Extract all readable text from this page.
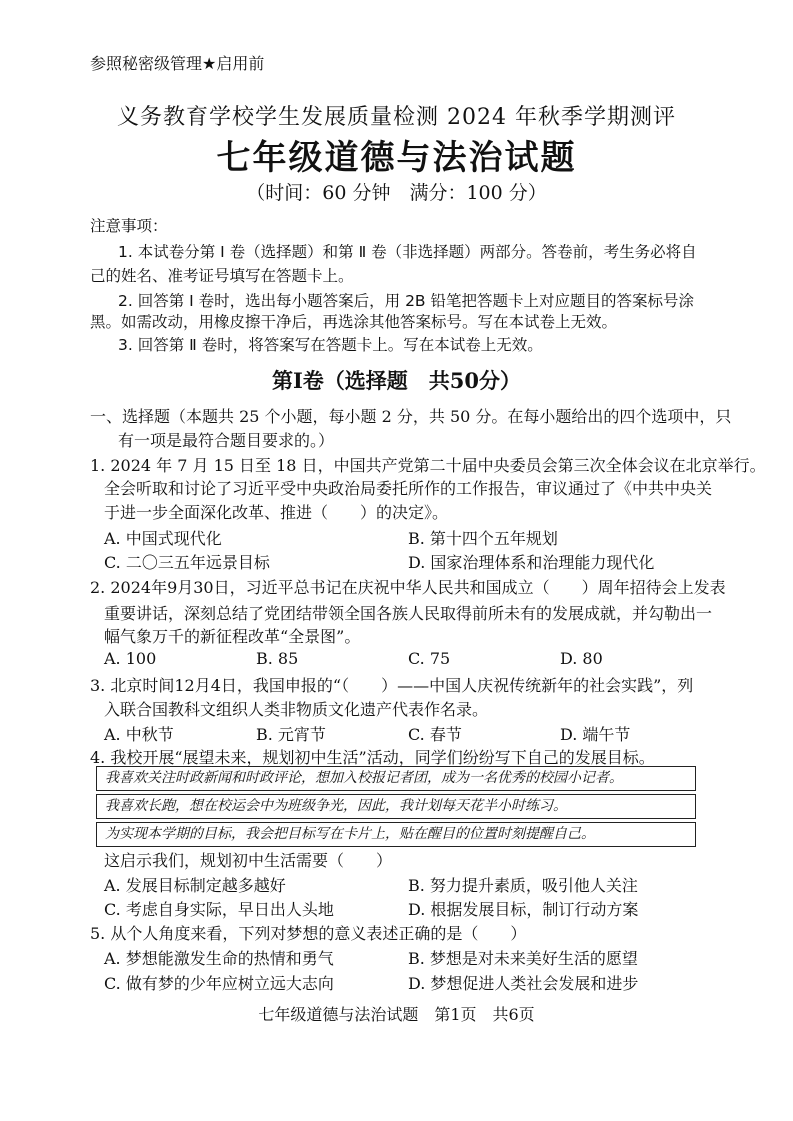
参照秘密级管理★启用前
义务教育学校学生发展质量检测 2024 年秋季学期测评
七年级道德与法治试题
（时间：60 分钟　满分：100 分）
注意事项：
1. 本试卷分第 Ⅰ 卷（选择题）和第 Ⅱ 卷（非选择题）两部分。答卷前，考生务必将自
己的姓名、准考证号填写在答题卡上。
2. 回答第 Ⅰ 卷时，选出每小题答案后，用 2B 铅笔把答题卡上对应题目的答案标号涂
黑。如需改动，用橡皮擦干净后，再选涂其他答案标号。写在本试卷上无效。
3. 回答第 Ⅱ 卷时，将答案写在答题卡上。写在本试卷上无效。
第Ⅰ卷（选择题　共50分）
一、选择题（本题共 25 个小题，每小题 2 分，共 50 分。在每小题给出的四个选项中，只
有一项是最符合题目要求的。）
1. 2024 年 7 月 15 日至 18 日，中国共产党第二十届中央委员会第三次全体会议在北京举行。
全会听取和讨论了习近平受中央政治局委托所作的工作报告，审议通过了《中共中央关
于进一步全面深化改革、推进（　　）的决定》。
A. 中国式现代化	B. 第十四个五年规划
C. 二〇三五年远景目标	D. 国家治理体系和治理能力现代化
2. 2024年9月30日，习近平总书记在庆祝中华人民共和国成立（　　）周年招待会上发表
重要讲话，深刻总结了党团结带领全国各族人民取得前所未有的发展成就，并勾勒出一
幅气象万千的新征程改革“全景图”。
A. 100	B. 85	C. 75	D. 80
3. 北京时间12月4日，我国申报的“（　　）——中国人庆祝传统新年的社会实践”，列
入联合国教科文组织人类非物质文化遗产代表作名录。
A. 中秋节	B. 元宵节	C. 春节	D. 端午节
4. 我校开展“展望未来，规划初中生活”活动，同学们纷纷写下自己的发展目标。
我喜欢关注时政新闻和时政评论，想加入校报记者团，成为一名优秀的校园小记者。
我喜欢长跑，想在校运会中为班级争光，因此，我计划每天花半小时练习。
为实现本学期的目标，我会把目标写在卡片上，贴在醒目的位置时刻提醒自己。
这启示我们，规划初中生活需要（　　）
A. 发展目标制定越多越好	B. 努力提升素质，吸引他人关注
C. 考虑自身实际，早日出人头地	D. 根据发展目标，制订行动方案
5. 从个人角度来看，下列对梦想的意义表述正确的是（　　）
A. 梦想能激发生命的热情和勇气	B. 梦想是对未来美好生活的愿望
C. 做有梦的少年应树立远大志向	D. 梦想促进人类社会发展和进步
七年级道德与法治试题　第1页　共6页
